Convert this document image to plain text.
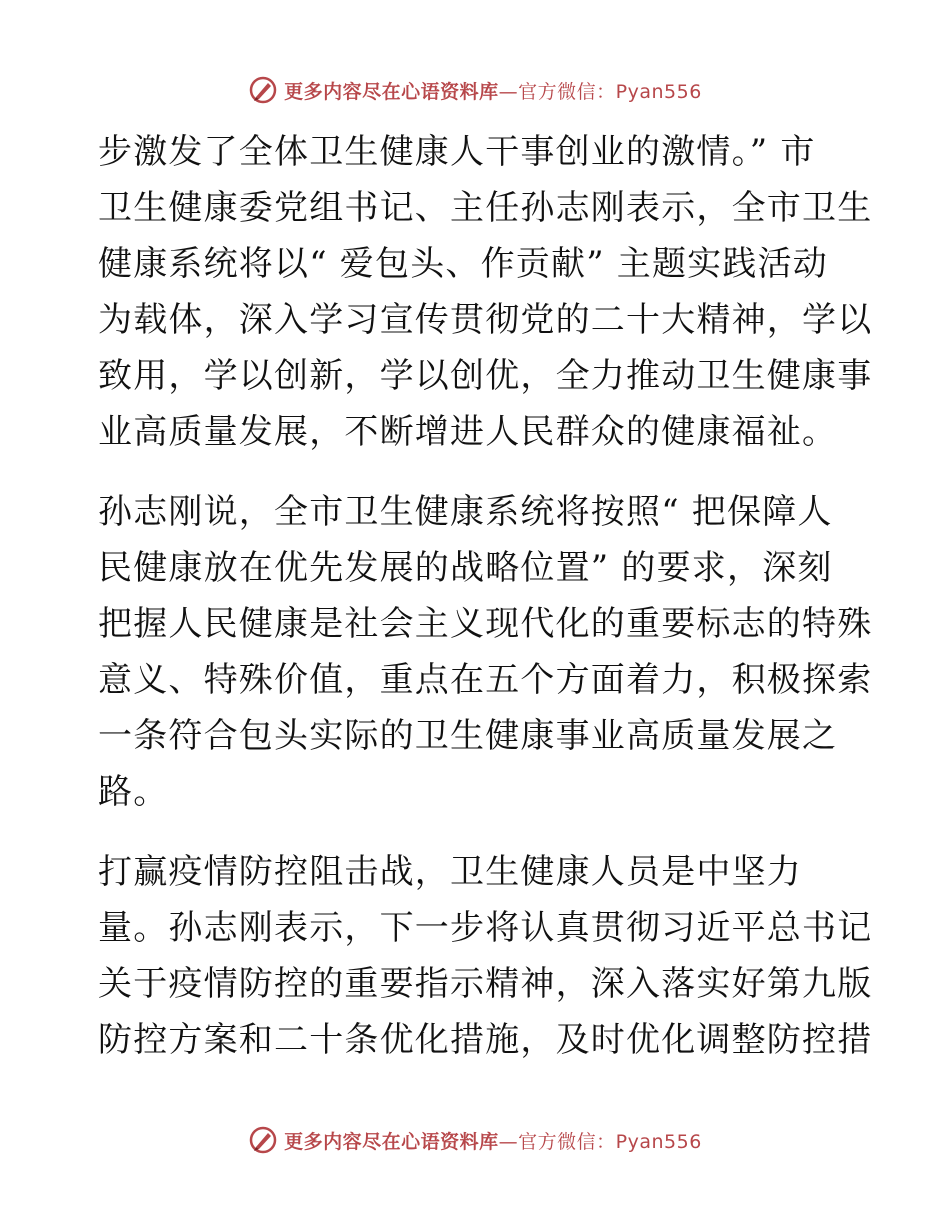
更多内容尽在心语资料库—官方微信：Pyan556
步激发了全体卫生健康人干事创业的激情。” 市
卫生健康委党组书记、主任孙志刚表示，全市卫生
健康系统将以“ 爱包头、作贡献” 主题实践活动
为载体，深入学习宣传贯彻党的二十大精神，学以
致用，学以创新，学以创优，全力推动卫生健康事
业高质量发展，不断增进人民群众的健康福祉。
孙志刚说，全市卫生健康系统将按照“ 把保障人
民健康放在优先发展的战略位置” 的要求，深刻
把握人民健康是社会主义现代化的重要标志的特殊
意义、特殊价值，重点在五个方面着力，积极探索
一条符合包头实际的卫生健康事业高质量发展之
路。
打赢疫情防控阻击战，卫生健康人员是中坚力
量。孙志刚表示，下一步将认真贯彻习近平总书记
关于疫情防控的重要指示精神，深入落实好第九版
防控方案和二十条优化措施，及时优化调整防控措
更多内容尽在心语资料库—官方微信：Pyan556
